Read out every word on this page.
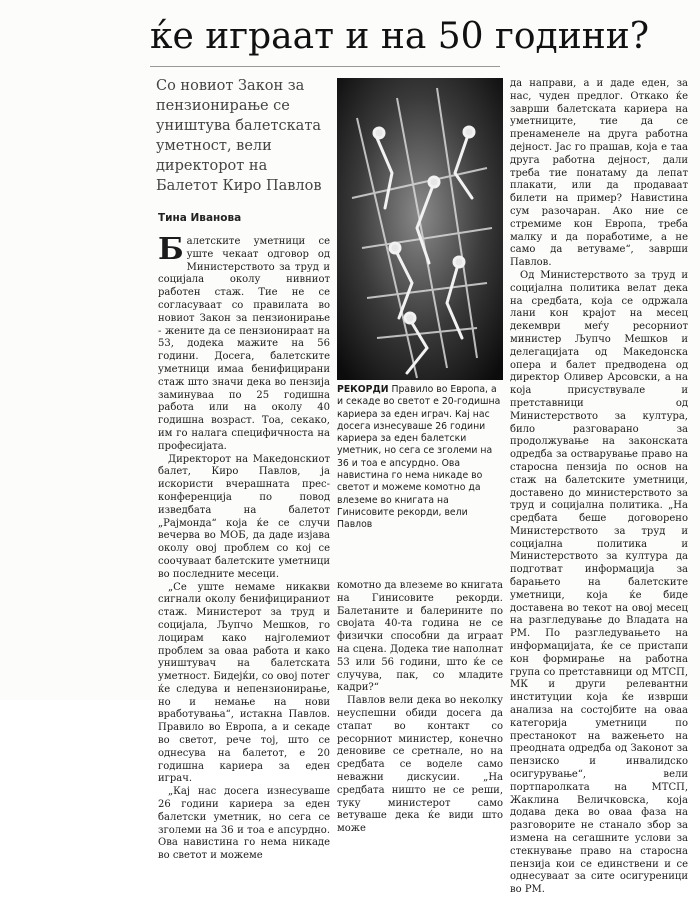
ќе играат и на 50 години?
Со новиот Закон за пензионирање се уништува балетската уметност, вели директорот на Балетот Киро Павлов
Тина Иванова

Балетските уметници се уште чекаат одговор од Министерството за труд и социјала околу нивниот работен стаж. Тие не се согласуваат со правилата во новиот Закон за пензионирање - жените да се пензионираат на 53, додека мажите на 56 години. Досега, балетските уметници имаа бенифицирани стаж што значи дека во пензија заминуваа по 25 годишна работа или на околу 40 годишна возраст. Тоа, секако, им го налага специфичноста на професијата.

Директорот на Македонскиот балет, Киро Павлов, ја искористи вчерашната прес-конференција по повод изведбата на балетот „Рајмонда“ која ќе се случи вечерва во МОБ, да даде изјава околу овој проблем со кој се соочуваат балетските уметници во последните месеци.

„Се уште немаме никакви сигнали околу бенифицираниот стаж. Министерот за труд и социјала, Љупчо Мешков, го лоцирам како најголемиот проблем за оваа работа и како уништувач на балетската уметност. Бидејќи, со овој потег ќе следува и непензионирање, но и немање на нови вработувања“, истакна Павлов. Правило во Европа, а и секаде во светот, рече тој, што се однесува на балетот, е 20 годишна кариера за еден играч.

„Кај нас досега изнесуваше 26 години кариера за еден балетски уметник, но сега се зголеми на 36 и тоа е апсурдно. Ова навистина го нема никаде во светот и можеме

РЕКОРДИ Правило во Европа, а и секаде во светот е 20-годишна кариера за еден играч. Кај нас досега изнесуваше 26 години кариера за еден балетски уметник, но сега се зголеми на 36 и тоа е апсурдно. Ова навистина го нема никаде во светот и можеме комотно да влеземе во книгата на Гинисовите рекорди, вели Павлов

комотно да влеземе во книгата на Гинисовите рекорди. Балетаните и балерините по својата 40-та година не се физички способни да играат на сцена. Додека тие наполнат 53 или 56 години, што ќе се случува, пак, со младите кадри?“

Павлов вели дека во неколку неуспешни обиди досега да стапат во контакт со ресорниот министер, конечно деновиве се сретнале, но на средбата се воделе само неважни дискусии. „На средбата ништо не се реши, туку министерот само ветуваше дека ќе види што може

да направи, а и даде еден, за нас, чуден предлог. Откако ќе заврши балетската кариера на уметниците, тие да се пренаменеле на друга работна дејност. Јас го прашав, која е таа друга работна дејност, дали треба тие понатаму да лепат плакати, или да продаваат билети на пример? Навистина сум разочаран. Ако ние се стремиме кон Европа, треба малку и да поработиме, а не само да ветуваме“, заврши Павлов.

Од Министерството за труд и социјална политика велат дека на средбата, која се одржала лани кон крајот на месец декември меѓу ресорниот министер Љупчо Мешков и делегацијата од Македонска опера и балет предводена од директор Оливер Арсовски, а на која присуствувале и претставници од Министерството за култура, било разговарано за продолжување на законската одредба за остварување право на старосна пензија по основ на стаж на балетските уметници, доставено до министерството за труд и социјална политика. „На средбата беше договорено Министерството за труд и социјална политика и Министерството за култура да подготват информација за барањето на балетските уметници, која ќе биде доставена во текот на овој месец на разгледување до Владата на РМ. По разгледувањето на информацијата, ќе се пристапи кон формирање на работна група со претставници од МТСП, МК и други релевантни институции која ќе изврши анализа на состојбите на оваа категорија уметници по престанокот на важењето на преодната одредба од Законот за пензиско и инвалидско осигурување“, вели портпаролката на МТСП, Жаклина Величковска, која додава дека во оваа фаза на разговорите не станало збор за измена на сегашните услови за стекнување право на старосна пензија кои се единствени и се однесуваат за сите осигуреници во РМ.
